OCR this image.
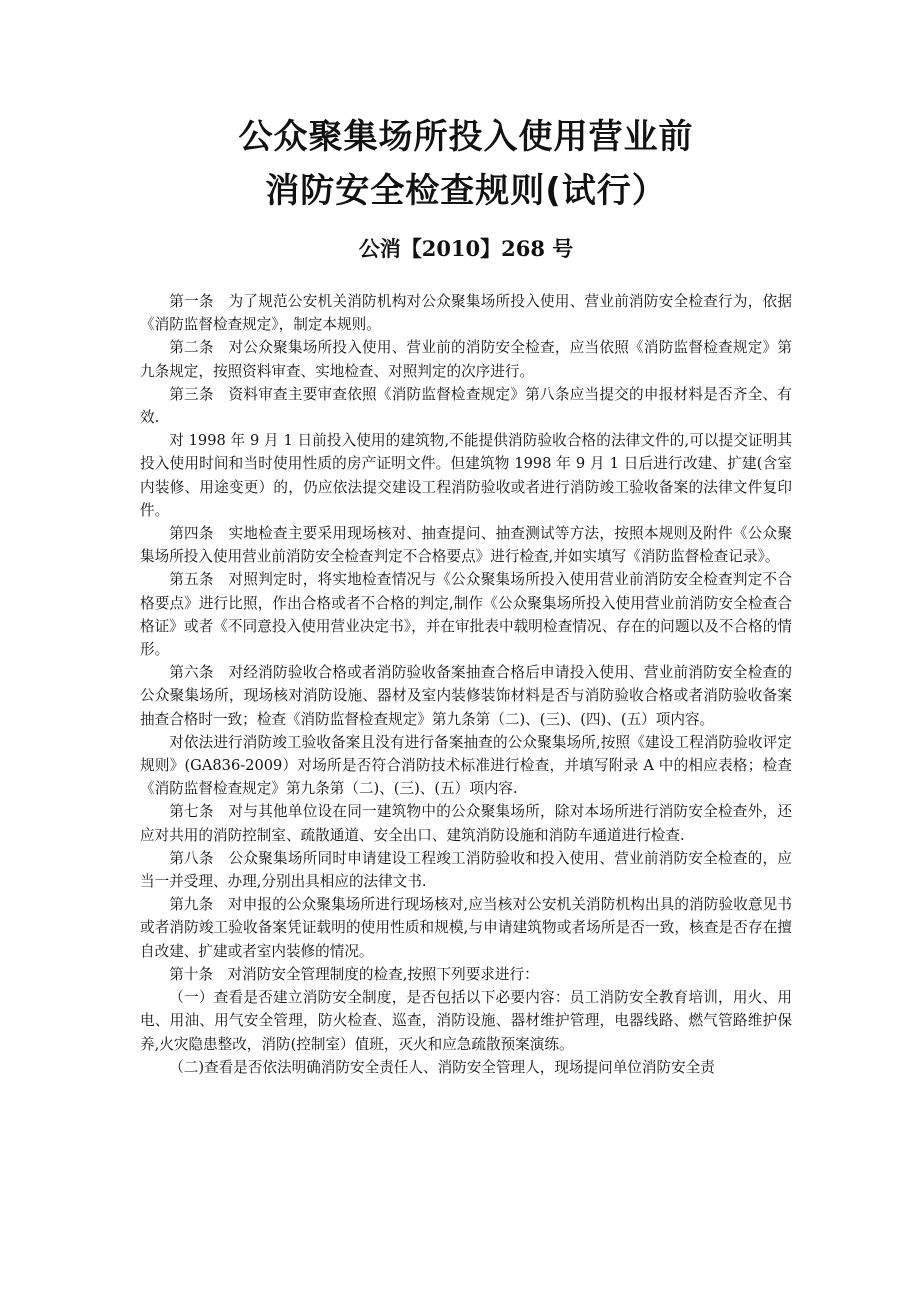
公众聚集场所投入使用营业前
消防安全检查规则(试行）
公消【2010】268 号

第一条　为了规范公安机关消防机构对公众聚集场所投入使用、营业前消防安全检查行为，依据《消防监督检查规定》，制定本规则。

第二条　对公众聚集场所投入使用、营业前的消防安全检查，应当依照《消防监督检查规定》第九条规定，按照资料审查、实地检查、对照判定的次序进行。

第三条　资料审查主要审查依照《消防监督检查规定》第八条应当提交的申报材料是否齐全、有效.

对 1998 年 9 月 1 日前投入使用的建筑物,不能提供消防验收合格的法律文件的,可以提交证明其投入使用时间和当时使用性质的房产证明文件。但建筑物 1998 年 9 月 1 日后进行改建、扩建(含室内装修、用途变更）的，仍应依法提交建设工程消防验收或者进行消防竣工验收备案的法律文件复印件。

第四条　实地检查主要采用现场核对、抽查提问、抽查测试等方法，按照本规则及附件《公众聚集场所投入使用营业前消防安全检查判定不合格要点》进行检查,并如实填写《消防监督检查记录》。

第五条　对照判定时，将实地检查情况与《公众聚集场所投入使用营业前消防安全检查判定不合格要点》进行比照，作出合格或者不合格的判定,制作《公众聚集场所投入使用营业前消防安全检查合格证》或者《不同意投入使用营业决定书》，并在审批表中载明检查情况、存在的问题以及不合格的情形。

第六条　对经消防验收合格或者消防验收备案抽查合格后申请投入使用、营业前消防安全检查的公众聚集场所，现场核对消防设施、器材及室内装修装饰材料是否与消防验收合格或者消防验收备案抽查合格时一致；检查《消防监督检查规定》第九条第（二)、(三)、(四)、(五）项内容。

对依法进行消防竣工验收备案且没有进行备案抽查的公众聚集场所,按照《建设工程消防验收评定规则》(GA836-2009）对场所是否符合消防技术标准进行检查，并填写附录 A 中的相应表格；检查《消防监督检查规定》第九条第（二)、(三)、(五）项内容.

第七条　对与其他单位设在同一建筑物中的公众聚集场所，除对本场所进行消防安全检查外，还应对共用的消防控制室、疏散通道、安全出口、建筑消防设施和消防车通道进行检查.

第八条　公众聚集场所同时申请建设工程竣工消防验收和投入使用、营业前消防安全检查的，应当一并受理、办理,分别出具相应的法律文书.

第九条　对申报的公众聚集场所进行现场核对,应当核对公安机关消防机构出具的消防验收意见书或者消防竣工验收备案凭证载明的使用性质和规模,与申请建筑物或者场所是否一致，核查是否存在擅自改建、扩建或者室内装修的情况。

第十条　对消防安全管理制度的检查,按照下列要求进行：

（一）查看是否建立消防安全制度，是否包括以下必要内容：员工消防安全教育培训，用火、用电、用油、用气安全管理，防火检查、巡查，消防设施、器材维护管理，电器线路、燃气管路维护保养,火灾隐患整改，消防(控制室）值班，灭火和应急疏散预案演练。

（二)查看是否依法明确消防安全责任人、消防安全管理人，现场提问单位消防安全责
